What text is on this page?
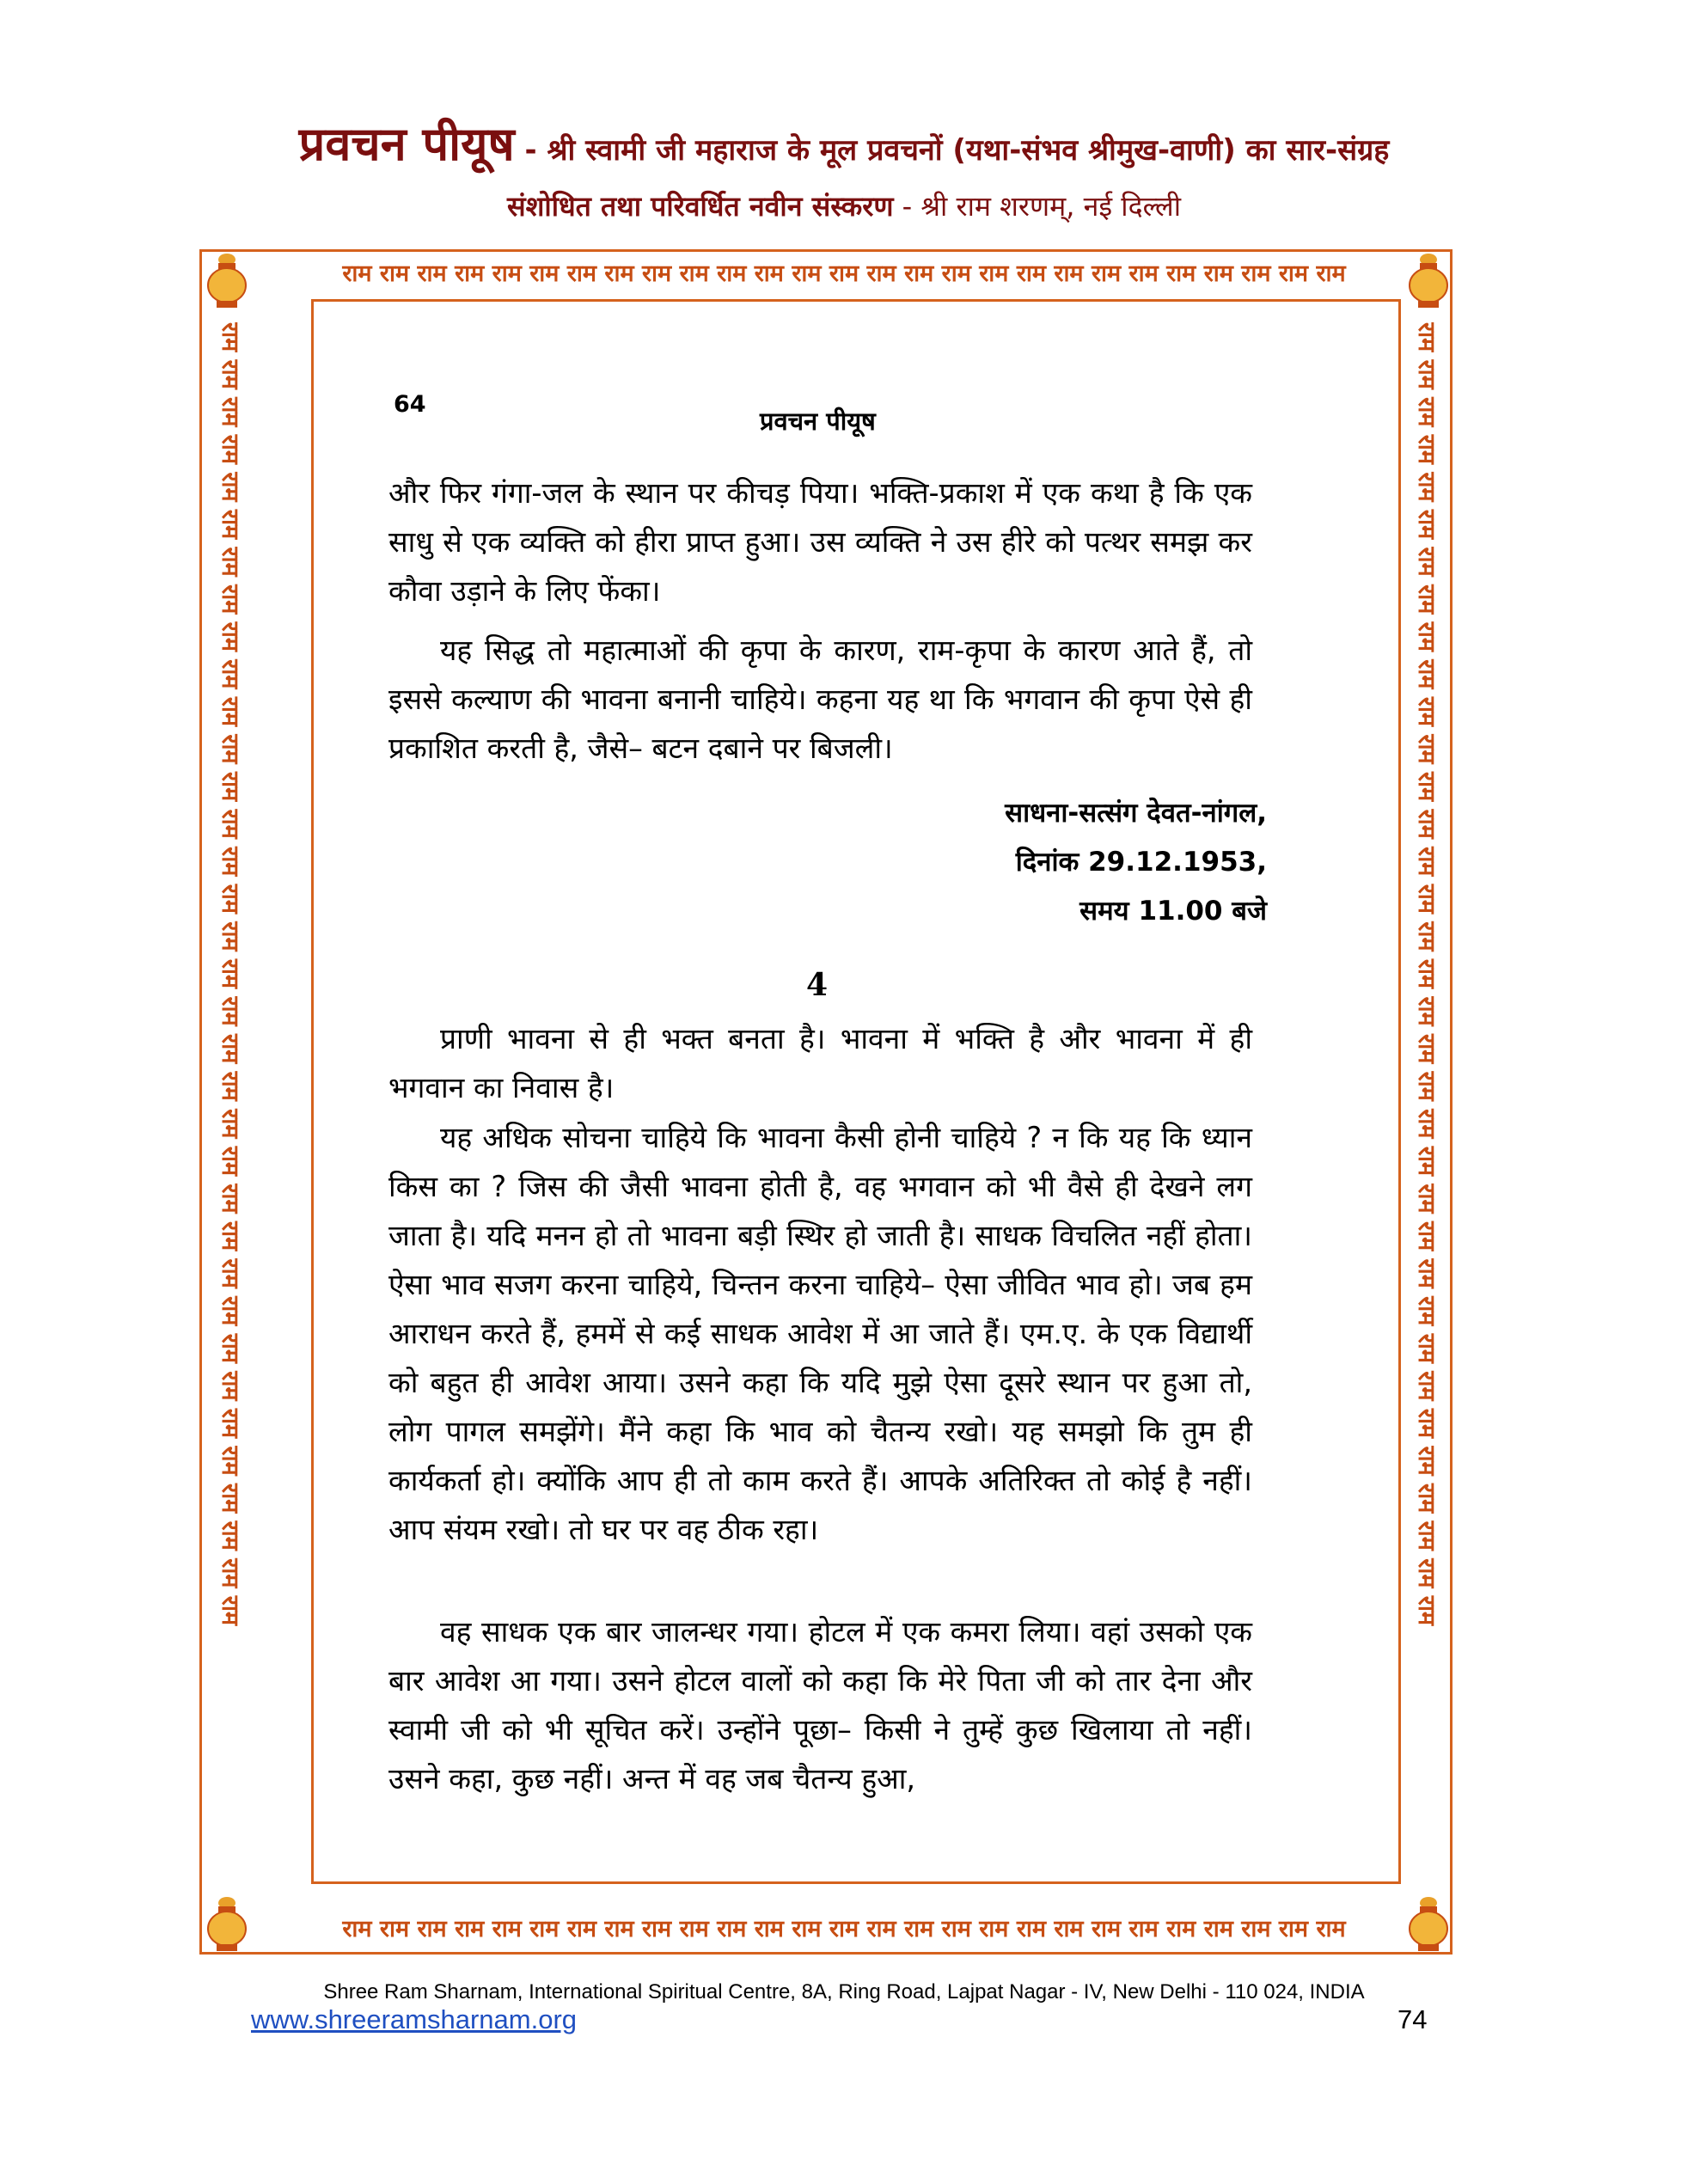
प्रवचन पीयूष - श्री स्वामी जी महाराज के मूल प्रवचनों (यथा-संभव श्रीमुख-वाणी) का सार-संग्रह
संशोधित तथा परिवर्धित नवीन संस्करण - श्री राम शरणम्, नई दिल्ली
राम राम राम राम राम राम राम राम राम राम राम राम राम राम राम राम राम राम राम राम राम राम राम राम राम राम राम
राम राम राम राम राम राम राम राम राम राम राम राम राम राम राम राम राम राम राम राम राम राम राम राम राम राम राम
राम राम राम राम राम राम राम राम राम राम राम राम राम राम राम राम राम राम राम राम राम राम राम राम राम राम राम राम राम राम राम राम राम राम राम	राम राम राम राम राम राम राम राम राम राम राम राम राम राम राम राम राम राम राम राम राम राम राम राम राम राम राम राम राम राम राम राम राम राम राम
64
प्रवचन पीयूष

और फिर गंगा-जल के स्थान पर कीचड़ पिया। भक्ति-प्रकाश में एक कथा है कि एक साधु से एक व्यक्ति को हीरा प्राप्त हुआ। उस व्यक्ति ने उस हीरे को पत्थर समझ कर कौवा उड़ाने के लिए फेंका।

यह सिद्ध तो महात्माओं की कृपा के कारण, राम-कृपा के कारण आते हैं, तो इससे कल्याण की भावना बनानी चाहिये। कहना यह था कि भगवान की कृपा ऐसे ही प्रकाशित करती है, जैसे– बटन दबाने पर बिजली।

साधना-सत्संग देवत-नांगल,
दिनांक 29.12.1953,
समय 11.00 बजे
4

प्राणी भावना से ही भक्त बनता है। भावना में भक्ति है और भावना में ही भगवान का निवास है।

यह अधिक सोचना चाहिये कि भावना कैसी होनी चाहिये ? न कि यह कि ध्यान किस का ? जिस की जैसी भावना होती है, वह भगवान को भी वैसे ही देखने लग जाता है। यदि मनन हो तो भावना बड़ी स्थिर हो जाती है। साधक विचलित नहीं होता। ऐसा भाव सजग करना चाहिये, चिन्तन करना चाहिये– ऐसा जीवित भाव हो। जब हम आराधन करते हैं, हममें से कई साधक आवेश में आ जाते हैं। एम.ए. के एक विद्यार्थी को बहुत ही आवेश आया। उसने कहा कि यदि मुझे ऐसा दूसरे स्थान पर हुआ तो, लोग पागल समझेंगे। मैंने कहा कि भाव को चैतन्य रखो। यह समझो कि तुम ही कार्यकर्ता हो। क्योंकि आप ही तो काम करते हैं। आपके अतिरिक्त तो कोई है नहीं। आप संयम रखो। तो घर पर वह ठीक रहा।

वह साधक एक बार जालन्धर गया। होटल में एक कमरा लिया। वहां उसको एक बार आवेश आ गया। उसने होटल वालों को कहा कि मेरे पिता जी को तार देना और स्वामी जी को भी सूचित करें। उन्होंने पूछा– किसी ने तुम्हें कुछ खिलाया तो नहीं। उसने कहा, कुछ नहीं। अन्त में वह जब चैतन्य हुआ,

Shree Ram Sharnam, International Spiritual Centre, 8A, Ring Road, Lajpat Nagar - IV, New Delhi - 110 024, INDIA
www.shreeramsharnam.org	74
